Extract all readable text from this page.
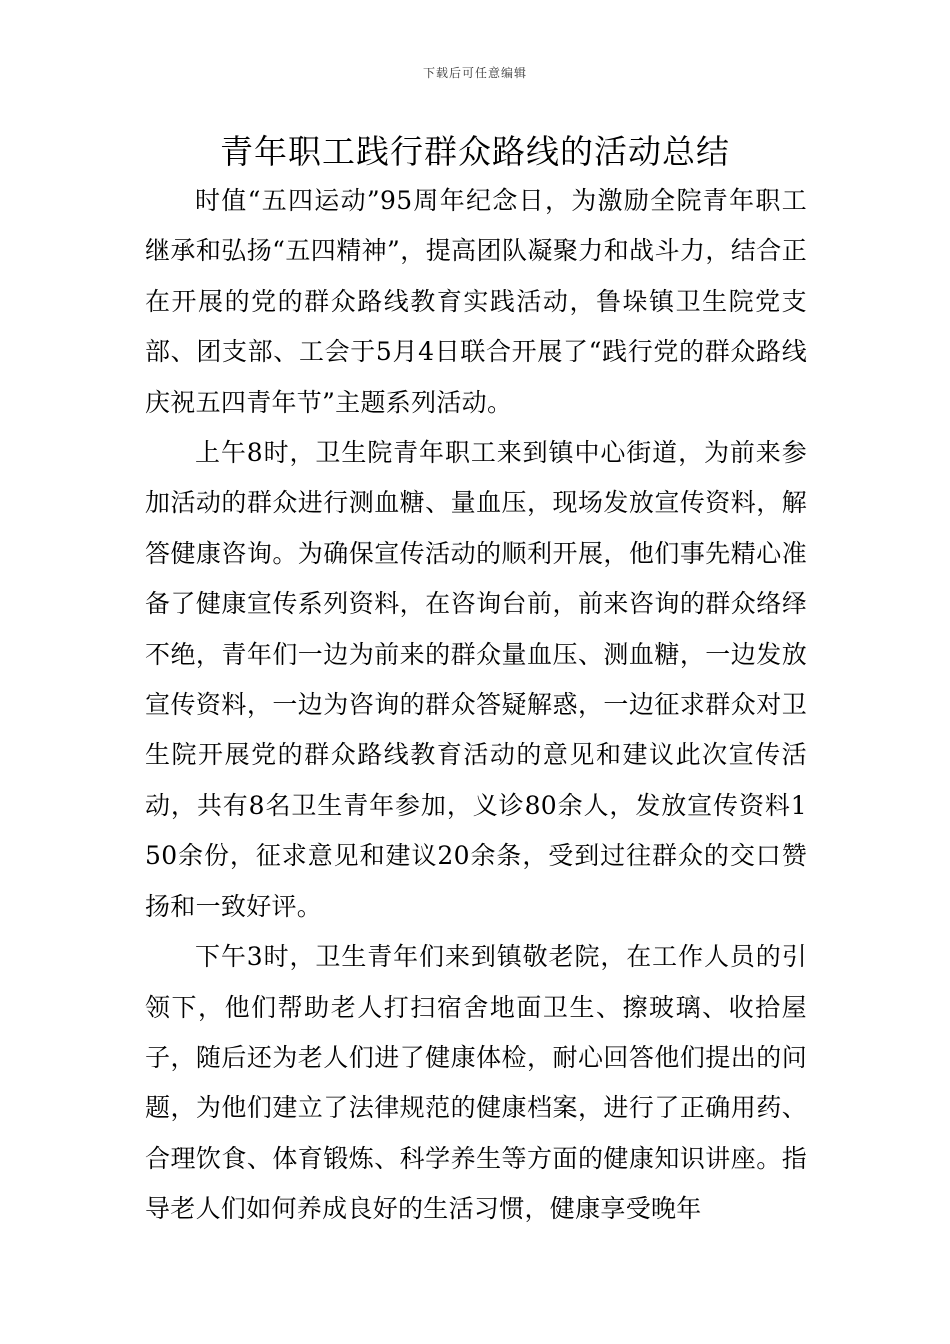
下载后可任意编辑
青年职工践行群众路线的活动总结

时值“五四运动”95周年纪念日，为激励全院青年职工继承和弘扬“五四精神”，提高团队凝聚力和战斗力，结合正在开展的党的群众路线教育实践活动，鲁垛镇卫生院党支部、团支部、工会于5月4日联合开展了“践行党的群众路线庆祝五四青年节”主题系列活动。

上午8时，卫生院青年职工来到镇中心街道，为前来参加活动的群众进行测血糖、量血压，现场发放宣传资料，解答健康咨询。为确保宣传活动的顺利开展，他们事先精心准备了健康宣传系列资料，在咨询台前，前来咨询的群众络绎不绝，青年们一边为前来的群众量血压、测血糖，一边发放宣传资料，一边为咨询的群众答疑解惑，一边征求群众对卫生院开展党的群众路线教育活动的意见和建议此次宣传活动，共有8名卫生青年参加，义诊80余人，发放宣传资料150余份，征求意见和建议20余条，受到过往群众的交口赞扬和一致好评。

下午3时，卫生青年们来到镇敬老院，在工作人员的引领下，他们帮助老人打扫宿舍地面卫生、擦玻璃、收拾屋子，随后还为老人们进了健康体检，耐心回答他们提出的问题，为他们建立了法律规范的健康档案，进行了正确用药、合理饮食、体育锻炼、科学养生等方面的健康知识讲座。指导老人们如何养成良好的生活习惯，健康享受晚年
